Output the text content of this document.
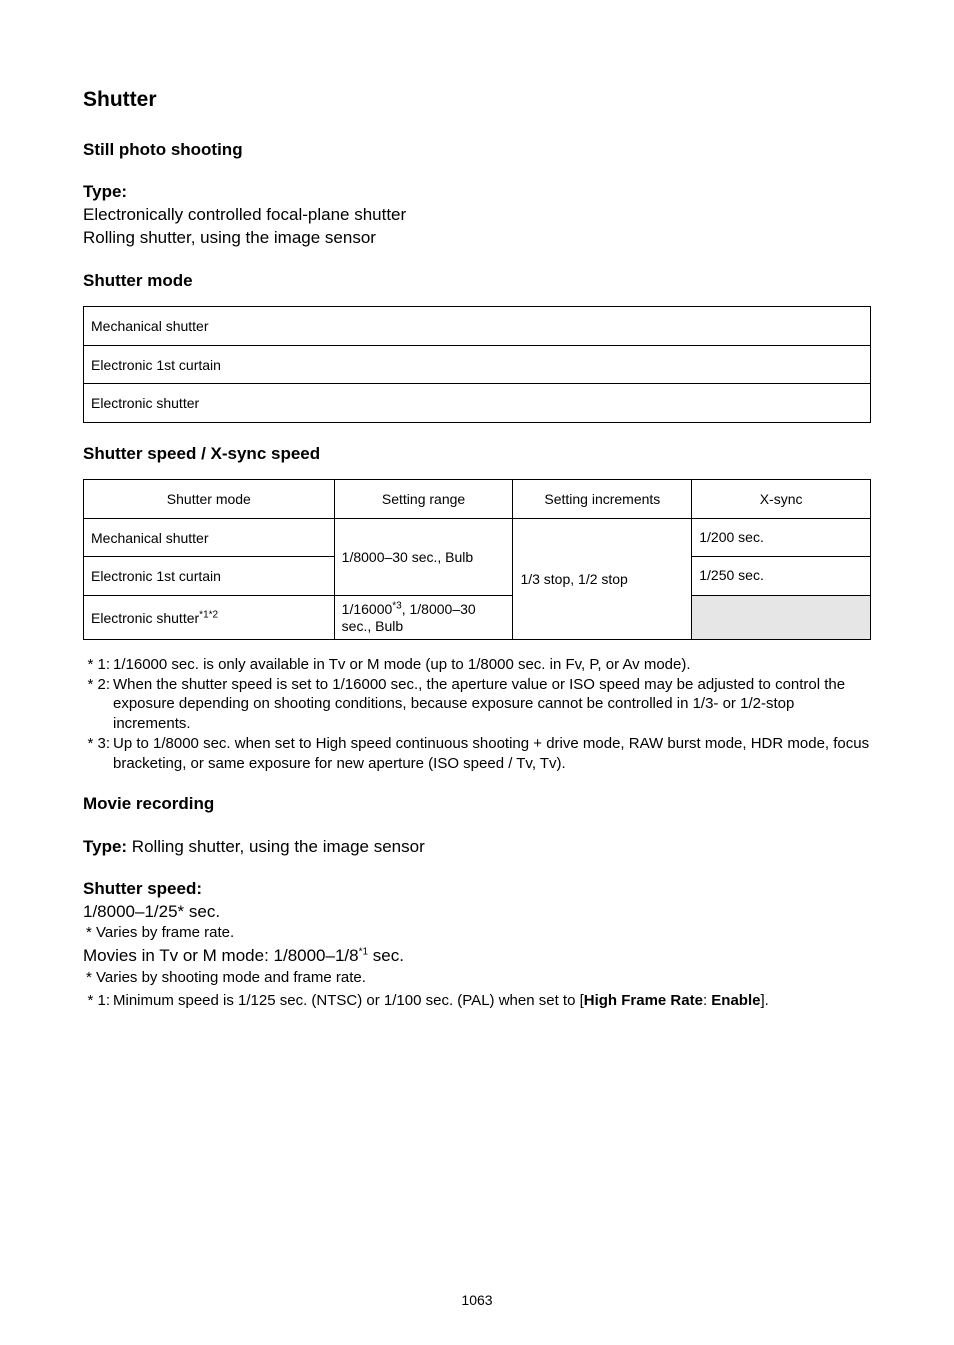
Shutter

Still photo shooting

Type:

Electronically controlled focal-plane shutter

Rolling shutter, using the image sensor

Shutter mode

Mechanical shutter
Electronic 1st curtain
Electronic shutter

Shutter speed / X-sync speed

Shutter mode	Setting range	Setting increments	X-sync
Mechanical shutter	1/8000–30 sec., Bulb	1/3 stop, 1/2 stop	1/200 sec.
Electronic 1st curtain			1/250 sec.
Electronic shutter$^{*1*2}$	1/16000$^{*3}$, 1/8000–30 sec., Bulb		
* 1: 1/16000 sec. is only available in Tv or M mode (up to 1/8000 sec. in Fv, P, or Av mode).
* 2: When the shutter speed is set to 1/16000 sec., the aperture value or ISO speed may be adjusted to control the exposure depending on shooting conditions, because exposure cannot be controlled in 1/3- or 1/2-stop increments.
* 3: Up to 1/8000 sec. when set to High speed continuous shooting + drive mode, RAW burst mode, HDR mode, focus bracketing, or same exposure for new aperture (ISO speed / Tv, Tv).

Movie recording

Type: Rolling shutter, using the image sensor

Shutter speed:

1/8000–1/25* sec.

* Varies by frame rate.

Movies in Tv or M mode: 1/8000–1/8$^{*1}$ sec.

* Varies by shooting mode and frame rate.

* 1: Minimum speed is 1/125 sec. (NTSC) or 1/100 sec. (PAL) when set to [High Frame Rate: Enable].
1063
